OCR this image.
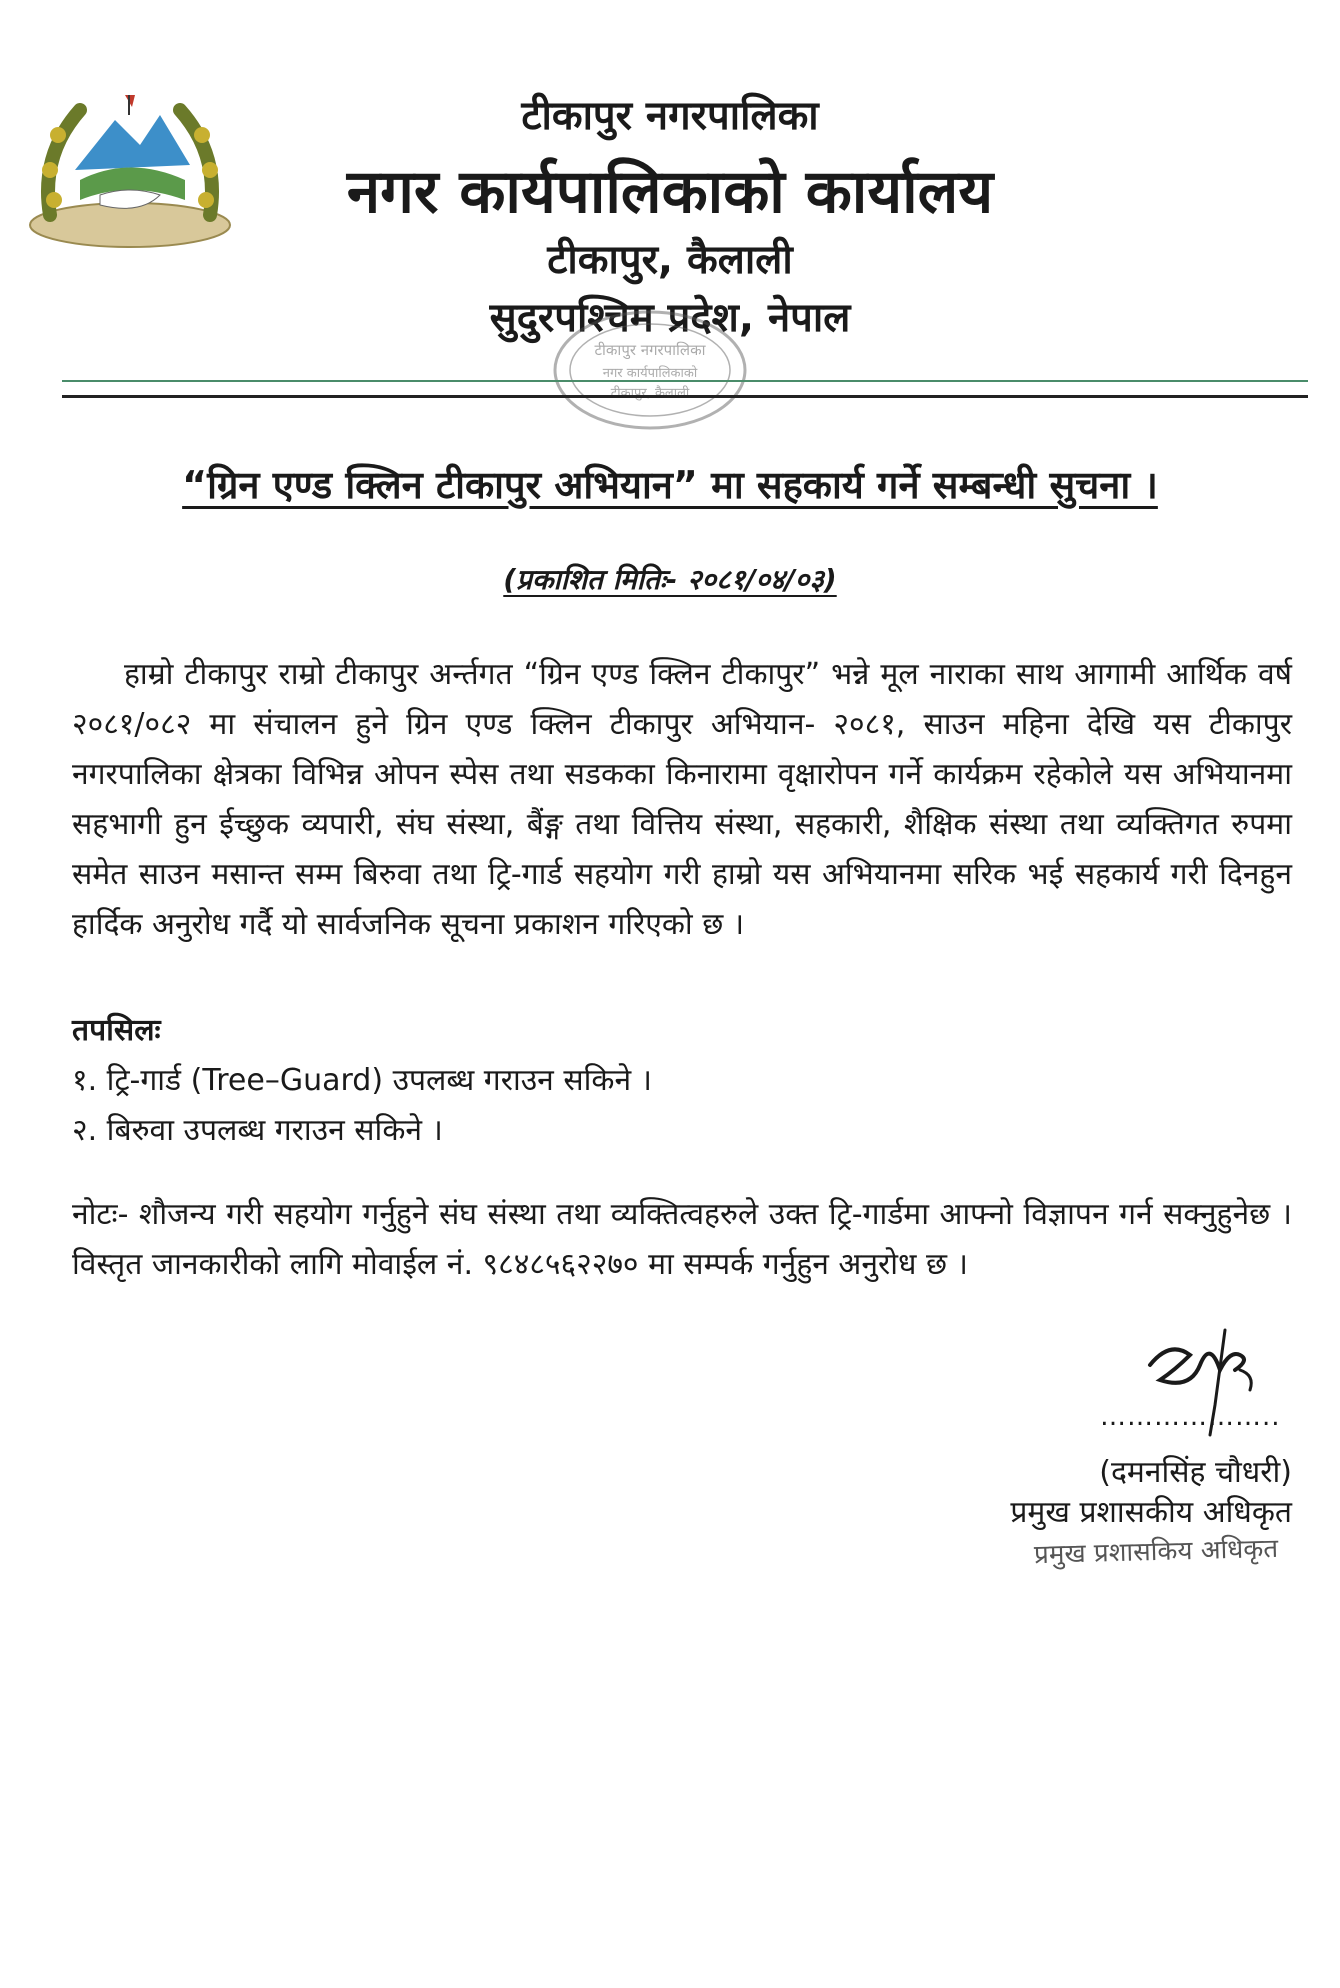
टीकापुर नगरपालिका
नगर कार्यपालिकाको कार्यालय
टीकापुर, कैलाली
सुदुरपश्चिम प्रदेश, नेपाल
टीकापुर नगरपालिका
नगर कार्यपालिकाको
टीकापुर, कैलाली
“ग्रिन एण्ड क्लिन टीकापुर अभियान” मा सहकार्य गर्ने सम्बन्धी सुचना ।
(प्रकाशित मितिः- २०८१/०४/०३)
हाम्रो टीकापुर राम्रो टीकापुर अर्न्तगत “ग्रिन एण्ड क्लिन टीकापुर” भन्ने मूल नाराका साथ आगामी आर्थिक वर्ष २०८१/०८२ मा संचालन हुने ग्रिन एण्ड क्लिन टीकापुर अभियान- २०८१, साउन महिना देखि यस टीकापुर नगरपालिका क्षेत्रका विभिन्न ओपन स्पेस तथा सडकका किनारामा वृक्षारोपन गर्ने कार्यक्रम रहेकोले यस अभियानमा सहभागी हुन ईच्छुक व्यपारी, संघ संस्था, बैंङ्ग तथा वित्तिय संस्था, सहकारी, शैक्षिक संस्था तथा व्यक्तिगत रुपमा समेत साउन मसान्त सम्म बिरुवा तथा ट्रि-गार्ड सहयोग गरी हाम्रो यस अभियानमा सरिक भई सहकार्य गरी दिनहुन हार्दिक अनुरोध गर्दै यो सार्वजनिक सूचना प्रकाशन गरिएको छ ।
तपसिलः
१. ट्रि-गार्ड (Tree–Guard) उपलब्ध गराउन सकिने ।
२. बिरुवा उपलब्ध गराउन सकिने ।
नोटः- शौजन्य गरी सहयोग गर्नुहुने संघ संस्था तथा व्यक्तित्वहरुले उक्त ट्रि-गार्डमा आफ्नो विज्ञापन गर्न सक्नुहुनेछ । विस्तृत जानकारीको लागि मोवाईल नं. ९८४८५६२२७० मा सम्पर्क गर्नुहुन अनुरोध छ ।
………………..
(दमनसिंह चौधरी)
प्रमुख प्रशासकीय अधिकृत
प्रमुख प्रशासकिय अधिकृत
